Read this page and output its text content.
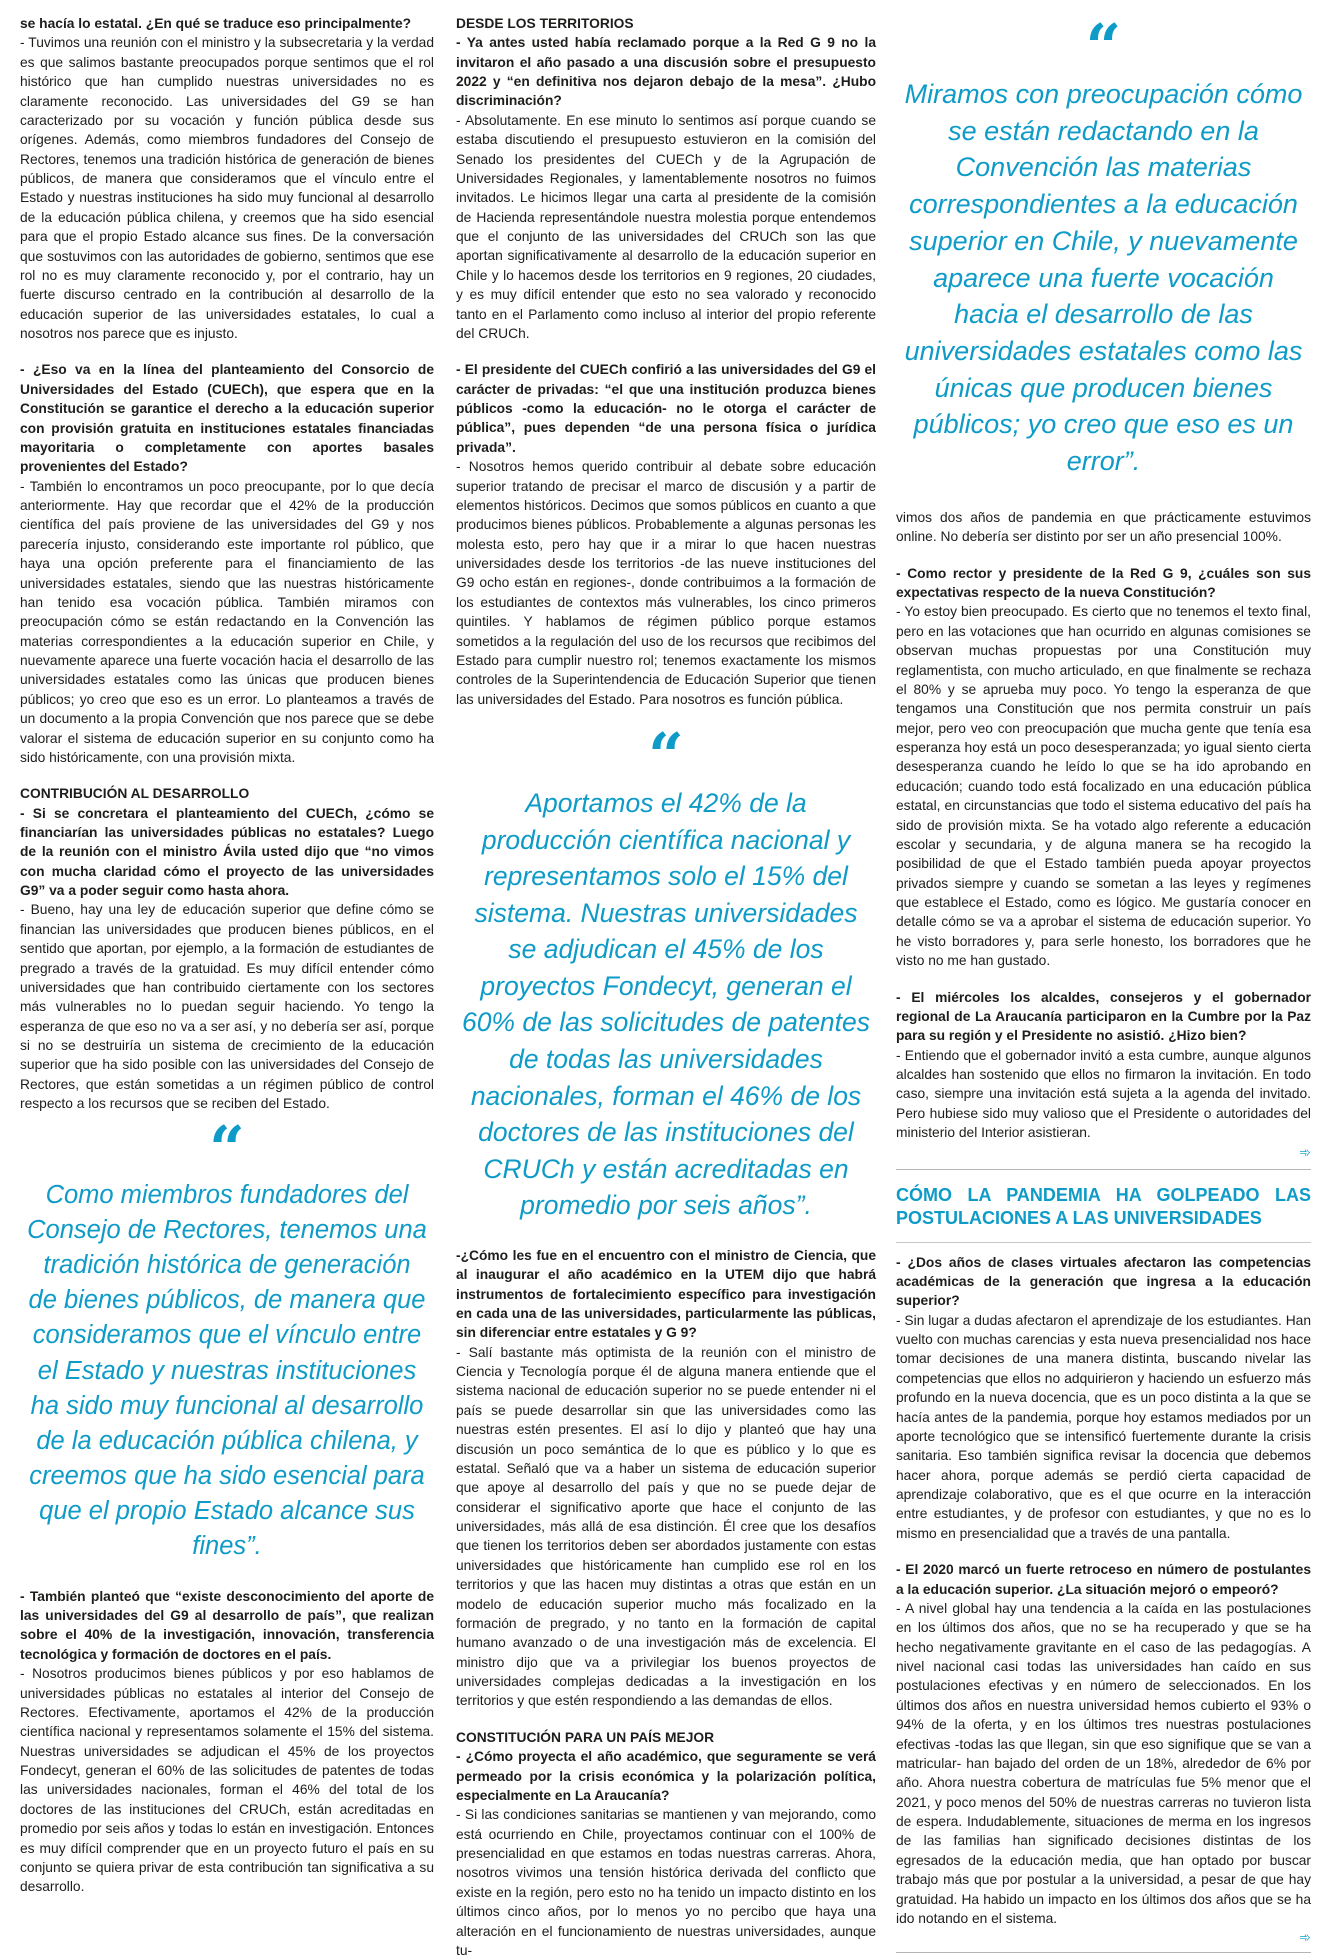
se hacía lo estatal. ¿En qué se traduce eso principalmente?

- Tuvimos una reunión con el ministro y la subsecretaria y la verdad es que salimos bastante preocupados porque sentimos que el rol histórico que han cumplido nuestras universidades no es claramente reconocido. Las universidades del G9 se han caracterizado por su vocación y función pública desde sus orígenes. Además, como miembros fundadores del Consejo de Rectores, tenemos una tradición histórica de generación de bienes públicos, de manera que consideramos que el vínculo entre el Estado y nuestras instituciones ha sido muy funcional al desarrollo de la educación pública chilena, y creemos que ha sido esencial para que el propio Estado alcance sus fines. De la conversación que sostuvimos con las autoridades de gobierno, sentimos que ese rol no es muy claramente reconocido y, por el contrario, hay un fuerte discurso centrado en la contribución al desarrollo de la educación superior de las universidades estatales, lo cual a nosotros nos parece que es injusto.

- ¿Eso va en la línea del planteamiento del Consorcio de Universidades del Estado (CUECh), que espera que en la Constitución se garantice el derecho a la educación superior con provisión gratuita en instituciones estatales financiadas mayoritaria o completamente con aportes basales provenientes del Estado?

- También lo encontramos un poco preocupante, por lo que decía anteriormente. Hay que recordar que el 42% de la producción científica del país proviene de las universidades del G9 y nos parecería injusto, considerando este importante rol público, que haya una opción preferente para el financiamiento de las universidades estatales, siendo que las nuestras históricamente han tenido esa vocación pública. También miramos con preocupación cómo se están redactando en la Convención las materias correspondientes a la educación superior en Chile, y nuevamente aparece una fuerte vocación hacia el desarrollo de las universidades estatales como las únicas que producen bienes públicos; yo creo que eso es un error. Lo planteamos a través de un documento a la propia Convención que nos parece que se debe valorar el sistema de educación superior en su conjunto como ha sido históricamente, con una provisión mixta.

CONTRIBUCIÓN AL DESARROLLO

- Si se concretara el planteamiento del CUECh, ¿cómo se financiarían las universidades públicas no estatales? Luego de la reunión con el ministro Ávila usted dijo que “no vimos con mucha claridad cómo el proyecto de las universidades G9” va a poder seguir como hasta ahora.

- Bueno, hay una ley de educación superior que define cómo se financian las universidades que producen bienes públicos, en el sentido que aportan, por ejemplo, a la formación de estudiantes de pregrado a través de la gratuidad. Es muy difícil entender cómo universidades que han contribuido ciertamente con los sectores más vulnerables no lo puedan seguir haciendo. Yo tengo la esperanza de que eso no va a ser así, y no debería ser así, porque si no se destruiría un sistema de crecimiento de la educación superior que ha sido posible con las universidades del Consejo de Rectores, que están sometidas a un régimen público de control respecto a los recursos que se reciben del Estado.

“
Como miembros fundadores del Consejo de Rectores, tenemos una tradición histórica de generación de bienes públicos, de manera que consideramos que el vínculo entre el Estado y nuestras instituciones ha sido muy funcional al desarrollo de la educación pública chilena, y creemos que ha sido esencial para que el propio Estado alcance sus fines”.

- También planteó que “existe desconocimiento del aporte de las universidades del G9 al desarrollo de país”, que realizan sobre el 40% de la investigación, innovación, transferencia tecnológica y formación de doctores en el país.

- Nosotros producimos bienes públicos y por eso hablamos de universidades públicas no estatales al interior del Consejo de Rectores. Efectivamente, aportamos el 42% de la producción científica nacional y representamos solamente el 15% del sistema. Nuestras universidades se adjudican el 45% de los proyectos Fondecyt, generan el 60% de las solicitudes de patentes de todas las universidades nacionales, forman el 46% del total de los doctores de las instituciones del CRUCh, están acreditadas en promedio por seis años y todas lo están en investigación. Entonces es muy difícil comprender que en un proyecto futuro el país en su conjunto se quiera privar de esta contribución tan significativa a su desarrollo.

DESDE LOS TERRITORIOS

- Ya antes usted había reclamado porque a la Red G 9 no la invitaron el año pasado a una discusión sobre el presupuesto 2022 y “en definitiva nos dejaron debajo de la mesa”. ¿Hubo discriminación?

- Absolutamente. En ese minuto lo sentimos así porque cuando se estaba discutiendo el presupuesto estuvieron en la comisión del Senado los presidentes del CUECh y de la Agrupación de Universidades Regionales, y lamentablemente nosotros no fuimos invitados. Le hicimos llegar una carta al presidente de la comisión de Hacienda representándole nuestra molestia porque entendemos que el conjunto de las universidades del CRUCh son las que aportan significativamente al desarrollo de la educación superior en Chile y lo hacemos desde los territorios en 9 regiones, 20 ciudades, y es muy difícil entender que esto no sea valorado y reconocido tanto en el Parlamento como incluso al interior del propio referente del CRUCh.

- El presidente del CUECh confirió a las universidades del G9 el carácter de privadas: “el que una institución produzca bienes públicos -como la educación- no le otorga el carácter de pública”, pues dependen “de una persona física o jurídica privada”.

- Nosotros hemos querido contribuir al debate sobre educación superior tratando de precisar el marco de discusión y a partir de elementos históricos. Decimos que somos públicos en cuanto a que producimos bienes públicos. Probablemente a algunas personas les molesta esto, pero hay que ir a mirar lo que hacen nuestras universidades desde los territorios -de las nueve instituciones del G9 ocho están en regiones-, donde contribuimos a la formación de los estudiantes de contextos más vulnerables, los cinco primeros quintiles. Y hablamos de régimen público porque estamos sometidos a la regulación del uso de los recursos que recibimos del Estado para cumplir nuestro rol; tenemos exactamente los mismos controles de la Superintendencia de Educación Superior que tienen las universidades del Estado. Para nosotros es función pública.

“
Aportamos el 42% de la producción científica nacional y representamos solo el 15% del sistema. Nuestras universidades se adjudican el 45% de los proyectos Fondecyt, generan el 60% de las solicitudes de patentes de todas las universidades nacionales, forman el 46% de los doctores de las instituciones del CRUCh y están acreditadas en promedio por seis años”.

-¿Cómo les fue en el encuentro con el ministro de Ciencia, que al inaugurar el año académico en la UTEM dijo que habrá instrumentos de fortalecimiento específico para investigación en cada una de las universidades, particularmente las públicas, sin diferenciar entre estatales y G 9?

- Salí bastante más optimista de la reunión con el ministro de Ciencia y Tecnología porque él de alguna manera entiende que el sistema nacional de educación superior no se puede entender ni el país se puede desarrollar sin que las universidades como las nuestras estén presentes. El así lo dijo y planteó que hay una discusión un poco semántica de lo que es público y lo que es estatal. Señaló que va a haber un sistema de educación superior que apoye al desarrollo del país y que no se puede dejar de considerar el significativo aporte que hace el conjunto de las universidades, más allá de esa distinción. Él cree que los desafíos que tienen los territorios deben ser abordados justamente con estas universidades que históricamente han cumplido ese rol en los territorios y que las hacen muy distintas a otras que están en un modelo de educación superior mucho más focalizado en la formación de pregrado, y no tanto en la formación de capital humano avanzado o de una investigación más de excelencia. El ministro dijo que va a privilegiar los buenos proyectos de universidades complejas dedicadas a la investigación en los territorios y que estén respondiendo a las demandas de ellos.

CONSTITUCIÓN PARA UN PAÍS MEJOR

- ¿Cómo proyecta el año académico, que seguramente se verá permeado por la crisis económica y la polarización política, especialmente en La Araucanía?

- Si las condiciones sanitarias se mantienen y van mejorando, como está ocurriendo en Chile, proyectamos continuar con el 100% de presencialidad en que estamos en todas nuestras carreras. Ahora, nosotros vivimos una tensión histórica derivada del conflicto que existe en la región, pero esto no ha tenido un impacto distinto en los últimos cinco años, por lo menos yo no percibo que haya una alteración en el funcionamiento de nuestras universidades, aunque tu-

“
Miramos con preocupación cómo se están redactando en la Convención las materias correspondientes a la educación superior en Chile, y nuevamente aparece una fuerte vocación hacia el desarrollo de las universidades estatales como las únicas que producen bienes públicos; yo creo que eso es un error”.

vimos dos años de pandemia en que prácticamente estuvimos online. No debería ser distinto por ser un año presencial 100%.

- Como rector y presidente de la Red G 9, ¿cuáles son sus expectativas respecto de la nueva Constitución?

- Yo estoy bien preocupado. Es cierto que no tenemos el texto final, pero en las votaciones que han ocurrido en algunas comisiones se observan muchas propuestas por una Constitución muy reglamentista, con mucho articulado, en que finalmente se rechaza el 80% y se aprueba muy poco. Yo tengo la esperanza de que tengamos una Constitución que nos permita construir un país mejor, pero veo con preocupación que mucha gente que tenía esa esperanza hoy está un poco desesperanzada; yo igual siento cierta desesperanza cuando he leído lo que se ha ido aprobando en educación; cuando todo está focalizado en una educación pública estatal, en circunstancias que todo el sistema educativo del país ha sido de provisión mixta. Se ha votado algo referente a educación escolar y secundaria, y de alguna manera se ha recogido la posibilidad de que el Estado también pueda apoyar proyectos privados siempre y cuando se sometan a las leyes y regímenes que establece el Estado, como es lógico. Me gustaría conocer en detalle cómo se va a aprobar el sistema de educación superior. Yo he visto borradores y, para serle honesto, los borradores que he visto no me han gustado.

- El miércoles los alcaldes, consejeros y el gobernador regional de La Araucanía participaron en la Cumbre por la Paz para su región y el Presidente no asistió. ¿Hizo bien?

- Entiendo que el gobernador invitó a esta cumbre, aunque algunos alcaldes han sostenido que ellos no firmaron la invitación. En todo caso, siempre una invitación está sujeta a la agenda del invitado. Pero hubiese sido muy valioso que el Presidente o autoridades del ministerio del Interior asistieran.

➾

CÓMO LA PANDEMIA HA GOLPEADO LAS POSTULACIONES A LAS UNIVERSIDADES

- ¿Dos años de clases virtuales afectaron las competencias académicas de la generación que ingresa a la educación superior?

- Sin lugar a dudas afectaron el aprendizaje de los estudiantes. Han vuelto con muchas carencias y esta nueva presencialidad nos hace tomar decisiones de una manera distinta, buscando nivelar las competencias que ellos no adquirieron y haciendo un esfuerzo más profundo en la nueva docencia, que es un poco distinta a la que se hacía antes de la pandemia, porque hoy estamos mediados por un aporte tecnológico que se intensificó fuertemente durante la crisis sanitaria. Eso también significa revisar la docencia que debemos hacer ahora, porque además se perdió cierta capacidad de aprendizaje colaborativo, que es el que ocurre en la interacción entre estudiantes, y de profesor con estudiantes, y que no es lo mismo en presencialidad que a través de una pantalla.

- El 2020 marcó un fuerte retroceso en número de postulantes a la educación superior. ¿La situación mejoró o empeoró?

- A nivel global hay una tendencia a la caída en las postulaciones en los últimos dos años, que no se ha recuperado y que se ha hecho negativamente gravitante en el caso de las pedagogías. A nivel nacional casi todas las universidades han caído en sus postulaciones efectivas y en número de seleccionados. En los últimos dos años en nuestra universidad hemos cubierto el 93% o 94% de la oferta, y en los últimos tres nuestras postulaciones efectivas -todas las que llegan, sin que eso signifique que se van a matricular- han bajado del orden de un 18%, alrededor de 6% por año. Ahora nuestra cobertura de matrículas fue 5% menor que el 2021, y poco menos del 50% de nuestras carreras no tuvieron lista de espera. Indudablemente, situaciones de merma en los ingresos de las familias han significado decisiones distintas de los egresados de la educación media, que han optado por buscar trabajo más que por postular a la universidad, a pesar de que hay gratuidad. Ha habido un impacto en los últimos dos años que se ha ido notando en el sistema.

➾
